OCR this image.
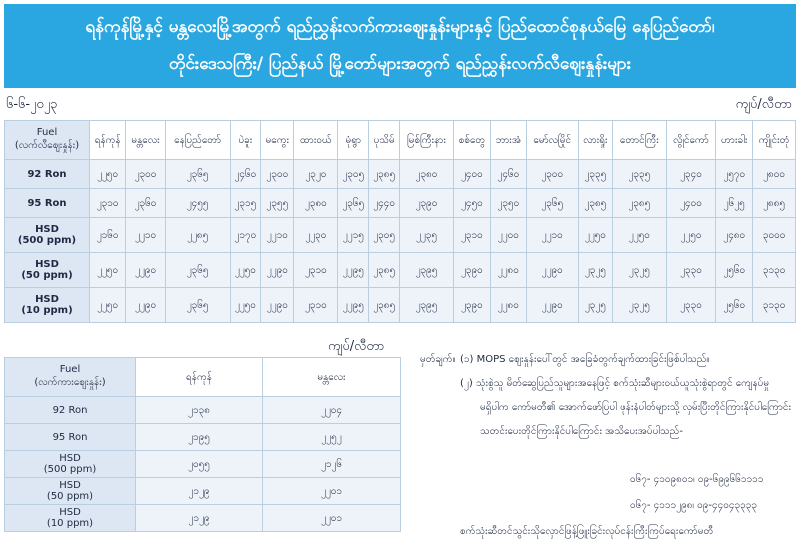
ရန်ကုန်မြို့နှင့် မန္တလေးမြို့အတွက် ရည်ညွှန်းလက်ကားဈေးနှုန်းများနှင့် ပြည်ထောင်စုနယ်မြေ နေပြည်တော်၊
တိုင်းဒေသကြီး/ ပြည်နယ် မြို့တော်များအတွက် ရည်ညွှန်းလက်လီဈေးနှုန်းများ
၆-၆-၂၀၂၃	ကျပ်/လီတာ
Fuel
(လက်လီဈေးနှုန်း)	ရန်ကုန်	မန္တလေး	နေပြည်တော်	ပဲခူး	မကွေး	ထားဝယ်	မုံရွာ	ပုသိမ်	မြစ်ကြီးနား	စစ်တွေ	ဘားအံ	မော်လမြိုင်	လားရှိုး	တောင်ကြီး	လွိုင်ကော်	ဟားခါး	ကျိုင်းတုံ

92 Ron	၂၂၅၀	၂၃၀၀	၂၃၆၅	၂၄၆၀	၂၃၀၀	၂၃၂၀	၂၃၀၅	၂၃၈၅	၂၃၈၀	၂၄၀၀	၂၄၆၀	၂၃၀၀	၂၃၃၅	၂၃၃၅	၂၃၄၀	၂၅၇၀	၂၈၀၀

95 Ron	၂၃၁၀	၂၃၆၀	၂၄၅၅	၂၃၁၅	၂၃၅၅	၂၃၈၀	၂၃၆၅	၂၄၄၀	၂၃၉၀	၂၄၅၀	၂၃၅၀	၂၃၆၅	၂၃၈၅	၂၃၈၅	၂၄၀၀	၂၆၂၅	၂၈၈၅

HSD
(500 ppm)	၂၁၆၀	၂၂၁၀	၂၂၈၅	၂၁၇၀	၂၂၁၀	၂၂၃၀	၂၂၁၅	၂၃၀၅	၂၂၃၅	၂၃၁၀	၂၂၀၀	၂၂၁၀	၂၂၅၀	၂၂၅၀	၂၂၅၀	၂၄၈၀	၃၀၀၀

HSD
(50 ppm)	၂၂၅၀	၂၂၉၀	၂၃၆၅	၂၂၅၀	၂၂၉၀	၂၃၁၀	၂၂၉၅	၂၃၈၅	၂၃၉၅	၂၃၉၀	၂၂၈၀	၂၂၉၀	၂၃၂၅	၂၃၂၅	၂၃၃၀	၂၅၆၀	၃၁၃၀

HSD
(10 ppm)	၂၂၅၀	၂၂၉၀	၂၃၆၅	၂၂၅၀	၂၂၉၀	၂၃၁၀	၂၂၉၅	၂၃၈၅	၂၃၉၅	၂၃၉၀	၂၂၈၀	၂၂၉၀	၂၃၂၅	၂၃၂၅	၂၃၃၀	၂၅၆၀	၃၁၃၀
ကျပ်/လီတာ
Fuel
(လက်ကားဈေးနှုန်း)	ရန်ကုန်	မန္တလေး

92 Ron	၂၁၃၈	၂၂၀၄

95 Ron	၂၁၉၅	၂၂၅၂

HSD
(500 ppm)	၂၀၅၅	၂၁၂၆

HSD
(50 ppm)	၂၁၂၉	၂၂၀၁

HSD
(10 ppm)	၂၁၂၉	၂၂၀၁
မှတ်ချက်။ (၁) MOPS ဈေးနှုန်းပေါ်တွင် အခြေခံတွက်ချက်ထားခြင်းဖြစ်ပါသည်။
(၂) သုံးစွဲသူ မိတ်ဆွေပြည်သူများအနေဖြင့် စက်သုံးဆီများဝယ်ယူသုံးစွဲရာတွင် ကျေနပ်မှု
မရှိပါက ကော်မတီ၏ အောက်ဖော်ပြပါ ဖုန်းနံပါတ်များသို့ လှမ်းပြီးတိုင်ကြားနိုင်ပါကြောင်း
သတင်းပေးတိုင်ကြားနိုင်ပါကြောင်း အသိပေးအပ်ပါသည်-
၀၆၇- ၄၁၀၉၈၀၁၊ ၀၉-၆၉၉၆၆၁၁၁၁
၀၆၇- ၄၁၁၁၂၉၈၊ ၀၉-၄၄၀၄၃၃၃၃
စက်သုံးဆီတင်သွင်းသိုလှောင်ဖြန့်ဖြူးခြင်းလုပ်ငန်းကြီးကြပ်ရေးကော်မတီ
